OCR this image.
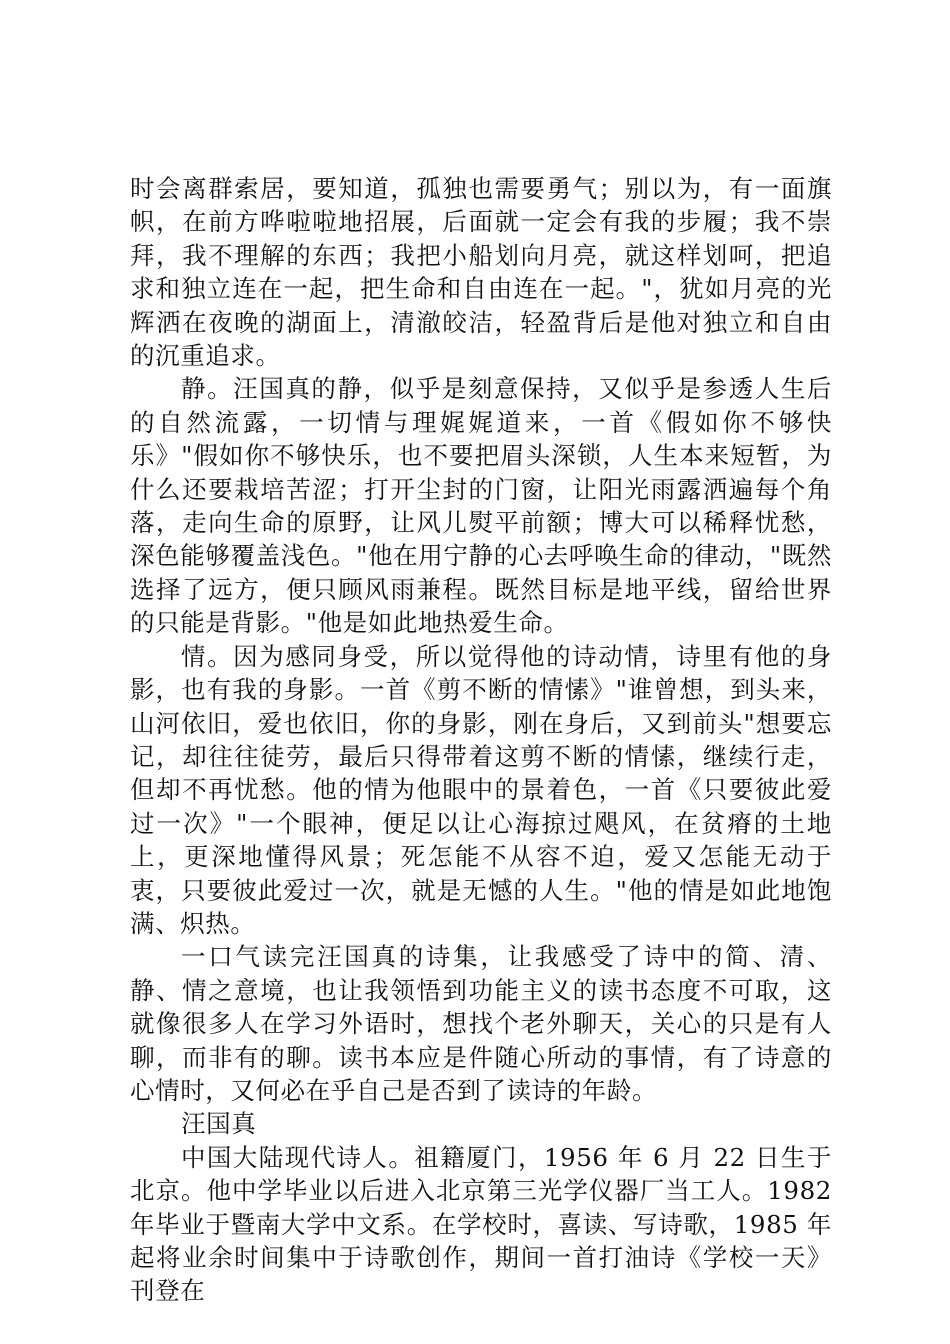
时会离群索居，要知道，孤独也需要勇气；别以为，有一面旗帜，在前方哗啦啦地招展，后面就一定会有我的步履；我不崇拜，我不理解的东西；我把小船划向月亮，就这样划呵，把追求和独立连在一起，把生命和自由连在一起。"，犹如月亮的光辉洒在夜晚的湖面上，清澈皎洁，轻盈背后是他对独立和自由的沉重追求。

静。汪国真的静，似乎是刻意保持，又似乎是参透人生后的自然流露，一切情与理娓娓道来，一首《假如你不够快乐》"假如你不够快乐，也不要把眉头深锁，人生本来短暂，为什么还要栽培苦涩；打开尘封的门窗，让阳光雨露洒遍每个角落，走向生命的原野，让风儿熨平前额；博大可以稀释忧愁，深色能够覆盖浅色。"他在用宁静的心去呼唤生命的律动，"既然选择了远方，便只顾风雨兼程。既然目标是地平线，留给世界的只能是背影。"他是如此地热爱生命。

情。因为感同身受，所以觉得他的诗动情，诗里有他的身影，也有我的身影。一首《剪不断的情愫》"谁曾想，到头来，山河依旧，爱也依旧，你的身影，刚在身后，又到前头"想要忘记，却往往徒劳，最后只得带着这剪不断的情愫，继续行走，但却不再忧愁。他的情为他眼中的景着色，一首《只要彼此爱过一次》"一个眼神，便足以让心海掠过飓风，在贫瘠的土地上，更深地懂得风景；死怎能不从容不迫，爱又怎能无动于衷，只要彼此爱过一次，就是无憾的人生。"他的情是如此地饱满、炽热。

一口气读完汪国真的诗集，让我感受了诗中的简、清、静、情之意境，也让我领悟到功能主义的读书态度不可取，这就像很多人在学习外语时，想找个老外聊天，关心的只是有人聊，而非有的聊。读书本应是件随心所动的事情，有了诗意的心情时，又何必在乎自己是否到了读诗的年龄。

汪国真

中国大陆现代诗人。祖籍厦门，1956 年 6 月 22 日生于北京。他中学毕业以后进入北京第三光学仪器厂当工人。1982 年毕业于暨南大学中文系。在学校时，喜读、写诗歌，1985 年起将业余时间集中于诗歌创作，期间一首打油诗《学校一天》刊登在
